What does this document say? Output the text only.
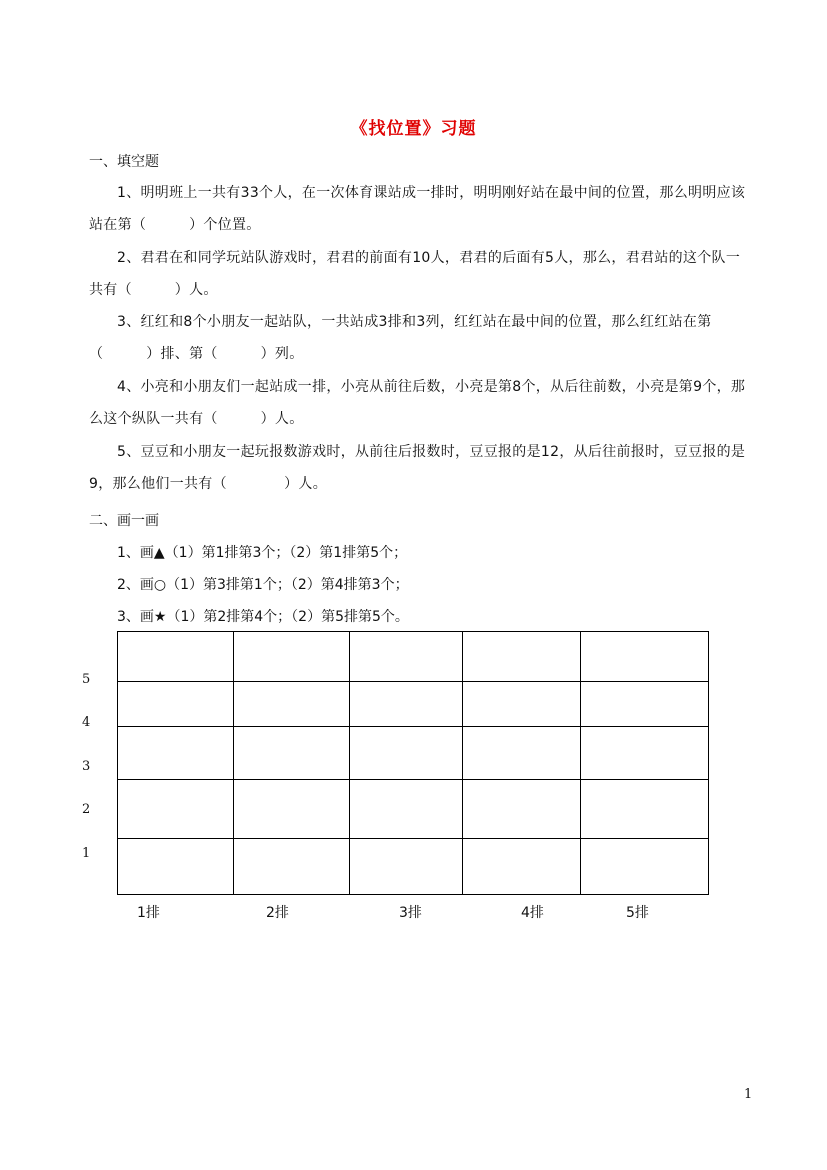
《找位置》习题
一、填空题

1、明明班上一共有33个人，在一次体育课站成一排时，明明刚好站在最中间的位置，那么明明应该站在第（　　　）个位置。

2、君君在和同学玩站队游戏时，君君的前面有10人，君君的后面有5人，那么，君君站的这个队一共有（　　　）人。

3、红红和8个小朋友一起站队，一共站成3排和3列，红红站在最中间的位置，那么红红站在第（　　　）排、第（　　　）列。

4、小亮和小朋友们一起站成一排，小亮从前往后数，小亮是第8个，从后往前数，小亮是第9个，那么这个纵队一共有（　　　）人。

5、豆豆和小朋友一起玩报数游戏时，从前往后报数时，豆豆报的是12，从后往前报时，豆豆报的是9，那么他们一共有（　　　　）人。

二、画一画
1、画▲（1）第1排第3个；（2）第1排第5个；
2、画○（1）第3排第1个；（2）第4排第3个；
3、画★（1）第2排第4个；（2）第5排第5个。
5
4
3
2
1
1排	2排	3排	4排	5排
1
